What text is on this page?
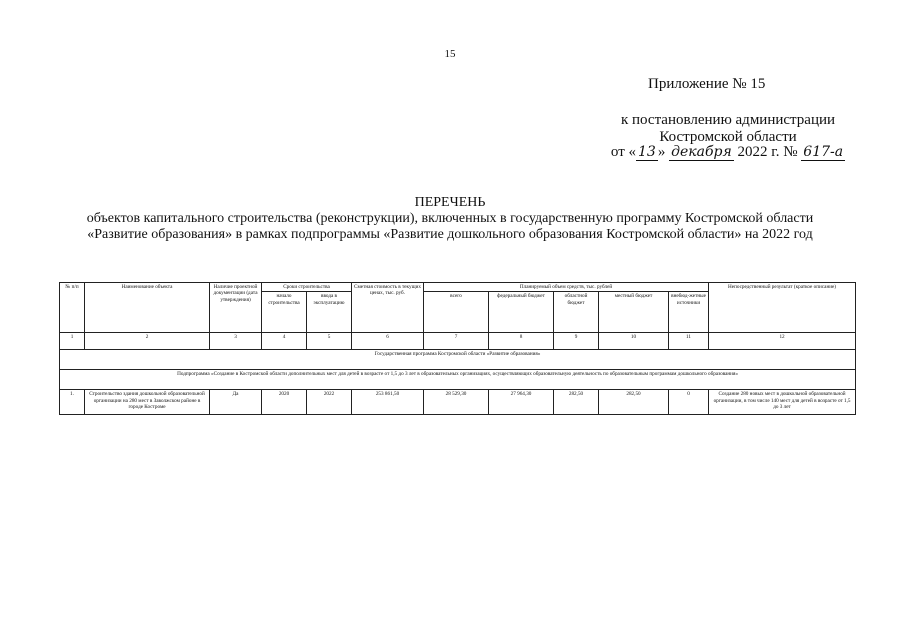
15
Приложение № 15
к постановлению администрации
Костромской области
от « 13 » декабря 2022 г. № 617-а
ПЕРЕЧЕНЬ
объектов капитального строительства (реконструкции), включенных в государственную программу Костромской области «Развитие образования» в рамках подпрограммы «Развитие дошкольного образования Костромской области» на 2022 год
№ п/п	Наименование объекта	Наличие проектной документации (дата утверждения)	Сроки строительства		Сметная стоимость в текущих ценах, тыс. руб.	Планируемый объем средств, тыс. рублей					Непосредственный результат (краткое описание)
			начало строительства	ввода в эксплуатацию		всего	федеральный бюджет	областной бюджет	местный бюджет	внебюд-жетные источники	
1	2	3	4	5	6	7	8	9	10	11	12
Государственная программа Костромской области «Развитие образования»											
Подпрограмма «Создание в Костромской области дополнительных мест для детей в возрасте от 1,5 до 3 лет в образовательных организациях, осуществляющих образовательную деятельность по образовательным программам дошкольного образования»											
1.	Строительство здания дошкольной образовательной организации на 280 мест в Заволжском районе в городе Костроме	Да	2020	2022	253 861,50	28 529,30	27 964,30	282,50	282,50	0	Создание 280 новых мест в дошкольной образовательной организации, в том числе 140 мест для детей в возрасте от 1,5 до 3 лет
